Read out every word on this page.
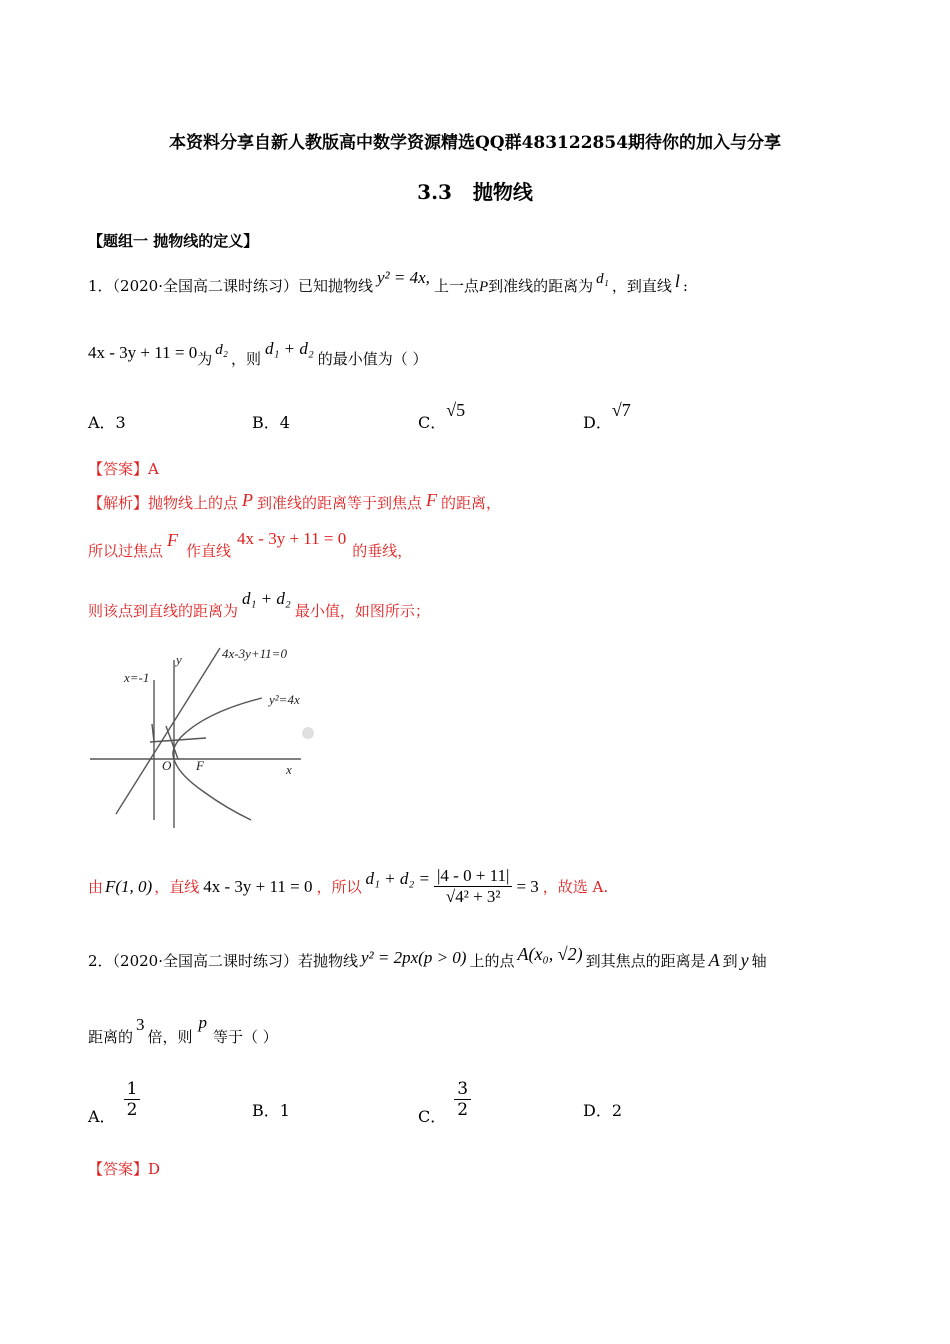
本资料分享自新人教版高中数学资源精选QQ群483122854期待你的加入与分享
3.3   抛物线
【题组一 抛物线的定义】
1．（2020·全国高二课时练习）已知抛物线 y² = 4x, 上一点P到准线的距离为 d₁ ，到直线 l :
4x - 3y + 11 = 0为 d₂ ，则d₁ + d₂的最小值为（ ）
A．3	B．4	C．√5
D．√7
【答案】A
【解析】抛物线上的点 P 到准线的距离等于到焦点 F 的距离，
所以过焦点F作直线4x - 3y + 11 = 0的垂线，
则该点到直线的距离为d₁ + d₂最小值，如图所示；
4x-3y+11=0
x=-1
y²=4x
y
x
O F
由 F(1, 0) ，直线 4x - 3y + 11 = 0 ，所以 $d_1 + d_2 = \frac{|4 - 0 + 11|}{\text{√4² + 3²}} = 3$ ，故选 A.
2．（2020·全国高二课时练习）若抛物线 y² = 2px(p > 0) 上的点 A(x₀, √2) 到其焦点的距离是 A 到 y 轴
距离的3倍，则p等于（ ）
A． $\frac{1}{2}$	B．1	C． $\frac{3}{2}$	D．2
【答案】D
